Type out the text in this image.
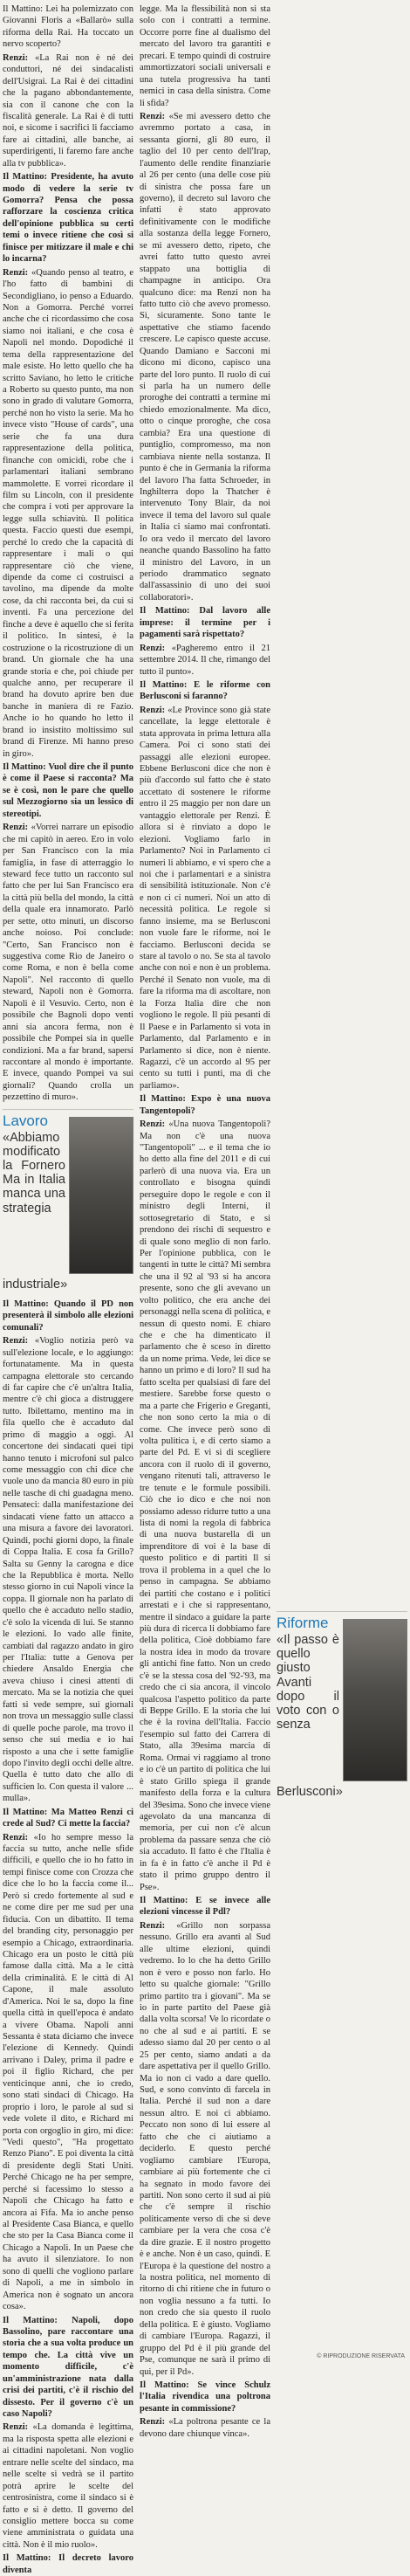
Il Mattino: Lei ha polemizzato con Giovanni Floris a «Ballarò» sulla riforma della Rai. Ha toccato un nervo scoperto?

Renzi: «La Rai non è né dei conduttori, né dei sindacalisti dell'Usigrai. La Rai è dei cittadini che la pagano abbondantemente, sia con il canone che con la fiscalità generale. La Rai è di tutti noi, e sicome i sacrifici li facciamo fare ai cittadini, alle banche, ai superdirigenti, li faremo fare anche alla tv pubblica».

Il Mattino: Presidente, ha avuto modo di vedere la serie tv Gomorra? Pensa che possa rafforzare la coscienza critica dell'opinione pubblica su certi temi o invece ritiene che così si finisce per mitizzare il male e chi lo incarna?

Renzi: «Quando penso al teatro, e l'ho fatto di bambini di Secondigliano, io penso a Eduardo. Non a Gomorra. Perché vorrei anche che ci ricordassimo che cosa siamo noi italiani, e che cosa è Napoli nel mondo. Dopodiché il tema della rappresentazione del male esiste. Ho letto quello che ha scritto Saviano, ho letto le critiche a Roberto su questo punto, ma non sono in grado di valutare Gomorra, perché non ho visto la serie. Ma ho invece visto "House of cards", una serie che fa una dura rappresentazione della politica, finanche con omicidi, robe che i parlamentari italiani sembrano mammolette. E vorrei ricordare il film su Lincoln, con il presidente che compra i voti per approvare la legge sulla schiavitù. Il politica questa. Faccio questi due esempi, perché lo credo che la capacità di rappresentare i mali o qui rappresentare ciò che viene, dipende da come ci costruisci a tavolino, ma dipende da molte cose, da chi racconta bei, da cui si inventi. Fa una percezione del finche a deve è aquello che si ferita il politico. In sintesi, è la costruzione o la ricostruzione di un brand. Un giornale che ha una grande storia e che, poi chiude per qualche anno, per recuperare il brand ha dovuto aprire ben due banche in maniera di re Fazio. Anche io ho quando ho letto il brand io insistito moltissimo sul brand di Firenze. Mi hanno preso in giro».

Il Mattino: Vuol dire che il punto è come il Paese si racconta? Ma se è così, non le pare che quello sul Mezzogiorno sia un lessico di stereotipi.

Renzi: «Vorrei narrare un episodio che mi capitò in aereo. Ero in volo per San Francisco con la mia famiglia, in fase di atterraggio lo steward fece tutto un racconto sul fatto che per lui San Francisco era la città più bella del mondo, la città della quale era innamorato. Parlò per sette, otto minuti, un discorso anche noioso. Poi conclude: "Certo, San Francisco non è suggestiva come Rio de Janeiro o come Roma, e non è bella come Napoli". Nel racconto di quello steward, Napoli non è Gomorra. Napoli è il Vesuvio. Certo, non è possibile che Bagnoli dopo venti anni sia ancora ferma, non è possibile che Pompei sia in quelle condizioni. Ma a far brand, sapersi raccontare al mondo è importante. E invece, quando Pompei va sui giornali? Quando crolla un pezzettino di muro».

Lavoro
«Abbiamo modificato la Fornero Ma in Italia manca una strategia industriale»

Il Mattino: Quando il PD non presenterà il simbolo alle elezioni comunali?

Renzi: «Voglio notizia però va sull'elezione locale, e lo aggiungo: fortunatamente. Ma in questa campagna elettorale sto cercando di far capire che c'è un'altra Italia, mentre c'è chi gioca a distruggere tutto. Ibilettamo, mentino ma in fila quello che è accaduto dal primo di maggio a oggi. Al concertone dei sindacati quei tipi hanno tenuto i microfoni sul palco come messaggio con chi dice che vuole uno da mancia 80 euro in più nelle tasche di chi guadagna meno. Pensateci: dalla manifestazione dei sindacati viene fatto un attacco a una misura a favore dei lavoratori. Quindi, pochi giorni dopo, la finale di Coppa Italia. E cosa fa Grillo? Salta su Genny la carogna e dice che la Repubblica è morta. Nello stesso giorno in cui Napoli vince la coppa. Il giornale non ha parlato di quello che è accaduto nello stadio, c'è solo la vicenda di lui. Se stanno le elezioni. Io vado alle finite, cambiati dal ragazzo andato in giro per l'Italia: tutte a Genova per chiedere Ansaldo Energia che aveva chiuso i cinesi attenti di mercato. Ma se la notizia che quei fatti si vede sempre, sui giornali non trova un messaggio sulle classi di quelle poche parole, ma trovo il senso che sui media e io hai risposto a una che i sette famiglie dopo l'invito degli occhi delle altre. Quella è tutto dato che allo di sufficien lo. Con questa il valore ... mulla».

Il Mattino: Ma Matteo Renzi ci crede al Sud? Ci mette la faccia?

Renzi: «Io ho sempre messo la faccia su tutto, anche nelle sfide difficili, e quello che io ho fatto in tempi finisce come con Crozza che dice che lo ho la faccia come il... Però si credo fortemente al sud e ne come dire per me sud per una fiducia. Con un dibattito. Il tema del branding city, personaggio per esempio a Chicago, extraordinaria. Chicago era un posto le città più famose dalla città. Ma a le città della criminalità. E le città di Al Capone, il male assoluto d'America. Noi le sa, dopo la fine quella città in quell'epoca è andato a vivere Obama. Napoli anni Sessanta è stata diciamo che invece l'elezione di Kennedy. Quindi arrivano i Daley, prima il padre e poi il figlio Richard, che per venticinque anni, che io credo, sono stati sindaci di Chicago. Ha proprio i loro, le parole al sud si vede volete il dito, e Richard mi porta con orgoglio in giro, mi dice: "Vedi questo", "Ha progettato Renzo Piano". E poi diventa la città di presidente degli Stati Uniti. Perché Chicago ne ha per sempre, perché si facessimo lo stesso a Napoli che Chicago ha fatto e ancora ai Fifa. Ma io anche penso al Presidente Casa Bianca, e quello che sto per la Casa Bianca come il Chicago a Napoli. In un Paese che ha avuto il silenziatore. Io non sono di quelli che vogliono parlare di Napoli, a me in simbolo in America non è sognato un ancora cosa».

Il Mattino: Napoli, dopo Bassolino, pare raccontare una storia che a sua volta produce un tempo che. La città vive un momento difficile, c'è un'amministrazione nata dalla crisi dei partiti, c'è il rischio del dissesto. Per il governo c'è un caso Napoli?

Renzi: «La domanda è legittima, ma la risposta spetta alle elezioni e ai cittadini napoletani. Non voglio entrare nelle scelte del sindaco, ma nelle scelte si vedrà se il partito potrà aprire le scelte del centrosinistra, come il sindaco si è fatto e si è detto. Il governo del consiglio mettere bocca su come viene amministrata o guidata una città. Non è il mio ruolo».

Il Mattino: Il decreto lavoro diventa

legge. Ma la flessibilità non si sta solo con i contratti a termine. Occorre porre fine al dualismo del mercato del lavoro tra garantiti e precari. E tempo quindi di costruire ammortizzatori sociali universali e una tutela progressiva ha tanti nemici in casa della sinistra. Come li sfida?

Renzi: «Se mi avessero detto che avremmo portato a casa, in sessanta giorni, gli 80 euro, il taglio del 10 per cento dell'Irap, l'aumento delle rendite finanziarie al 26 per cento (una delle cose più di sinistra che possa fare un governo), il decreto sul lavoro che infatti è stato approvato definitivamente con le modifiche alla sostanza della legge Fornero, se mi avessero detto, ripeto, che avrei fatto tutto questo avrei stappato una bottiglia di champagne in anticipo. Ora qualcuno dice: ma Renzi non ha fatto tutto ciò che avevo promesso. Sì, sicuramente. Sono tante le aspettative che stiamo facendo crescere. Le capisco queste accuse. Quando Damiano e Sacconi mi dicono mi dicono, capisco una parte del loro punto. Il ruolo di cui si parla ha un numero delle proroghe dei contratti a termine mi chiedo emozionalmente. Ma dico, otto o cinque proroghe, che cosa cambia? Era una questione di puntiglio, compromesso, ma non cambiava niente nella sostanza. Il punto è che in Germania la riforma del lavoro l'ha fatta Schroeder, in Inghilterra dopo la Thatcher è intervenuto Tony Blair, da noi invece il tema del lavoro sul quale in Italia ci siamo mai confrontati. Io ora vedo il mercato del lavoro neanche quando Bassolino ha fatto il ministro del Lavoro, in un periodo drammatico segnato dall'assassinio di uno dei suoi collaboratori».

Il Mattino: Dal lavoro alle imprese: il termine per i pagamenti sarà rispettato?

Renzi: «Pagheremo entro il 21 settembre 2014. Il che, rimango del tutto il punto».

Il Mattino: E le riforme con Berlusconi si faranno?

Renzi: «Le Province sono già state cancellate, la legge elettorale è stata approvata in prima lettura alla Camera. Poi ci sono stati dei passaggi alle elezioni europee. Ebbene Berlusconi dice che non è più d'accordo sul fatto che è stato accettato di sostenere le riforme entro il 25 maggio per non dare un vantaggio elettorale per Renzi. È allora si è rinviato a dopo le elezioni. Vogliamo farlo in Parlamento? Noi in Parlamento ci numeri li abbiamo, e vi spero che a noi che i parlamentari e a sinistra di sensibilità istituzionale. Non c'è e non ci ci numeri. Noi un atto di necessità politica. Le regole si fanno insieme, ma se Berlusconi non vuole fare le riforme, noi le facciamo. Berlusconi decida se stare al tavolo o no. Se sta al tavolo anche con noi e non è un problema. Perché il Senato non vuole, ma di fare la riforma ma di ascoltare, non la Forza Italia dire che non vogliono le regole. Il più pesanti di Il Paese e in Parlamento si vota in Parlamento, dal Parlamento e in Parlamento si dice, non è niente. Ragazzi, c'è un accordo al 95 per cento su tutti i punti, ma di che parliamo».

Il Mattino: Expo è una nuova Tangentopoli?

Renzi: «Una nuova Tangentopoli? Ma non c'è una nuova "Tangentopoli" ... e il tema che io ho detto alla fine del 2011 e di cui parlerò di una nuova via. Era un controllato e bisogna quindi perseguire dopo le regole e con il ministro degli Interni, il sottosegretario di Stato, e si prendono dei rischi di sequestro e di quale sono meglio di non farlo. Per l'opinione pubblica, con le tangenti in tutte le città? Mi sembra che una il 92 al '93 si ha ancora presente, sono che gli avevano un volto politico, che era anche dei personaggi nella scena di politica, e nessun di questo nomi. E chiaro che e che ha dimenticato il parlamento che è sceso in diretto da un nome prima. Vede, lei dice se hanno un primo e di loro? Il sud ha fatto scelta per qualsiasi di fare del mestiere. Sarebbe forse questo o ma a parte che Frigerio e Greganti, che non sono certo la mia o di come. Che invece però sono di volta pulitica i, e di certo siamo a parte del Pd. E vi si di scegliere ancora con il ruolo di il governo, vengano ritenuti tali, attraverso le tre tenute e le formule possibili. Ciò che io dico e che noi non possiamo adesso ridurre tutto a una lista di nomi la regola di fabbrica di una nuova bustarella di un imprenditore di voi è la base di questo politico e di partiti Il si trova il problema in a quel che lo penso in campagna. Se abbiamo dei partiti che costano e i politici arrestati e i che si rappresentano, mentre il sindaco a guidare la parte più dura di ricerca li dobbiamo fare della politica, Cioè dobbiamo fare la nostra idea in modo da trovare gli antichi fine fatto. Non un credo c'è se la stessa cosa del '92-'93, ma credo che ci sia ancora, il vincolo qualcosa l'aspetto politico da parte di Beppe Grillo. E la storia che lui che è la rovina dell'Italia. Faccio l'esempio sul fatto dei Carrera di Stato, alla 39esima marcia di Roma. Ormai vi raggiamo al trono e io c'è un partito di politica che lui è stato Grillo spiega il grande manifesto della forza e la cultura del 39esima. Sono che invece viene agevolato da una mancanza di memoria, per cui non c'è alcun problema da passare senza che ciò sia accaduto. Il fatto è che l'Italia è in fa è in fatto c'è anche il Pd è stato il primo gruppo dentro il Pse».

Il Mattino: E se invece alle elezioni vincesse il Pdl?

Renzi: «Grillo non sorpassa nessuno. Grillo era avanti al Sud alle ultime elezioni, quindi vedremo. Io lo che ha detto Grillo non è vero e posso non farlo. Ho letto su qualche giornale: "Grillo primo partito tra i giovani". Ma se io in parte partito del Paese già dalla volta scorsa! Ve lo ricordate o no che al sud e ai partiti. E se adesso siamo dal 20 per cento o al 25 per cento, siamo andati a da dare aspettativa per il quello Grillo. Ma io non ci vado a dare quello. Sud, e sono convinto di farcela in Italia. Perché il sud non a dare nessun altro. E noi ci abbiamo. Peccato non sono di lui essere al fatto che che ci aiutiamo a deciderlo. E questo perché vogliamo cambiare l'Europa, cambiare ai più fortemente che ci ha segnato in modo favore dei partiti. Non sono certo il sud ai più che c'è sempre il rischio politicamente verso di che si deve cambiare per la vera che cosa c'è da dire grazie. E il nostro progetto è e anche. Non è un caso, quindi. E l'Europa è la questione del nostro a la nostra politica, nel momento di ritorno di chi ritiene che in futuro o non voglia nessuno a fa tutti. Io non credo che sia questo il ruolo della politica. E è giusto. Vogliamo di cambiare l'Europa. Ragazzi, il gruppo del Pd è il più grande del Pse, comunque ne sarà il primo di qui, per il Pd».

Il Mattino: Se vince Schulz l'Italia rivendica una poltrona pesante in commissione?

Renzi: «La poltrona pesante ce la devono dare chiunque vinca».

Riforme
«Il passo è quello giusto Avanti dopo il voto con o senza Berlusconi»
© RIPRODUZIONE RISERVATA
